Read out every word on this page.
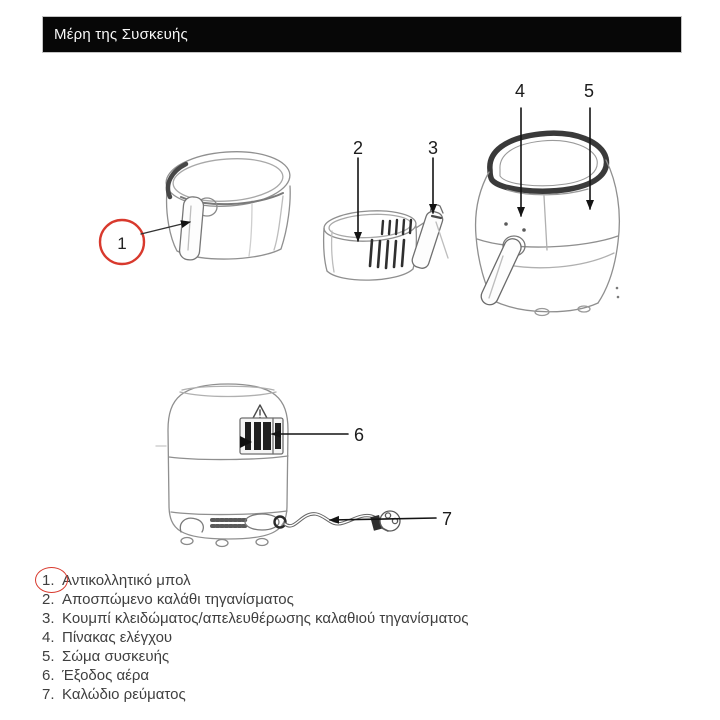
Μέρη της Συσκευής
1
2	3
4	5
6
7
1. Αντικολλητικό μπολ
2. Αποσπώμενο καλάθι τηγανίσματος
3. Κουμπί κλειδώματος/απελευθέρωσης καλαθιού τηγανίσματος
4. Πίνακας ελέγχου
5. Σώμα συσκευής
6. Έξοδος αέρα
7. Καλώδιο ρεύματος
